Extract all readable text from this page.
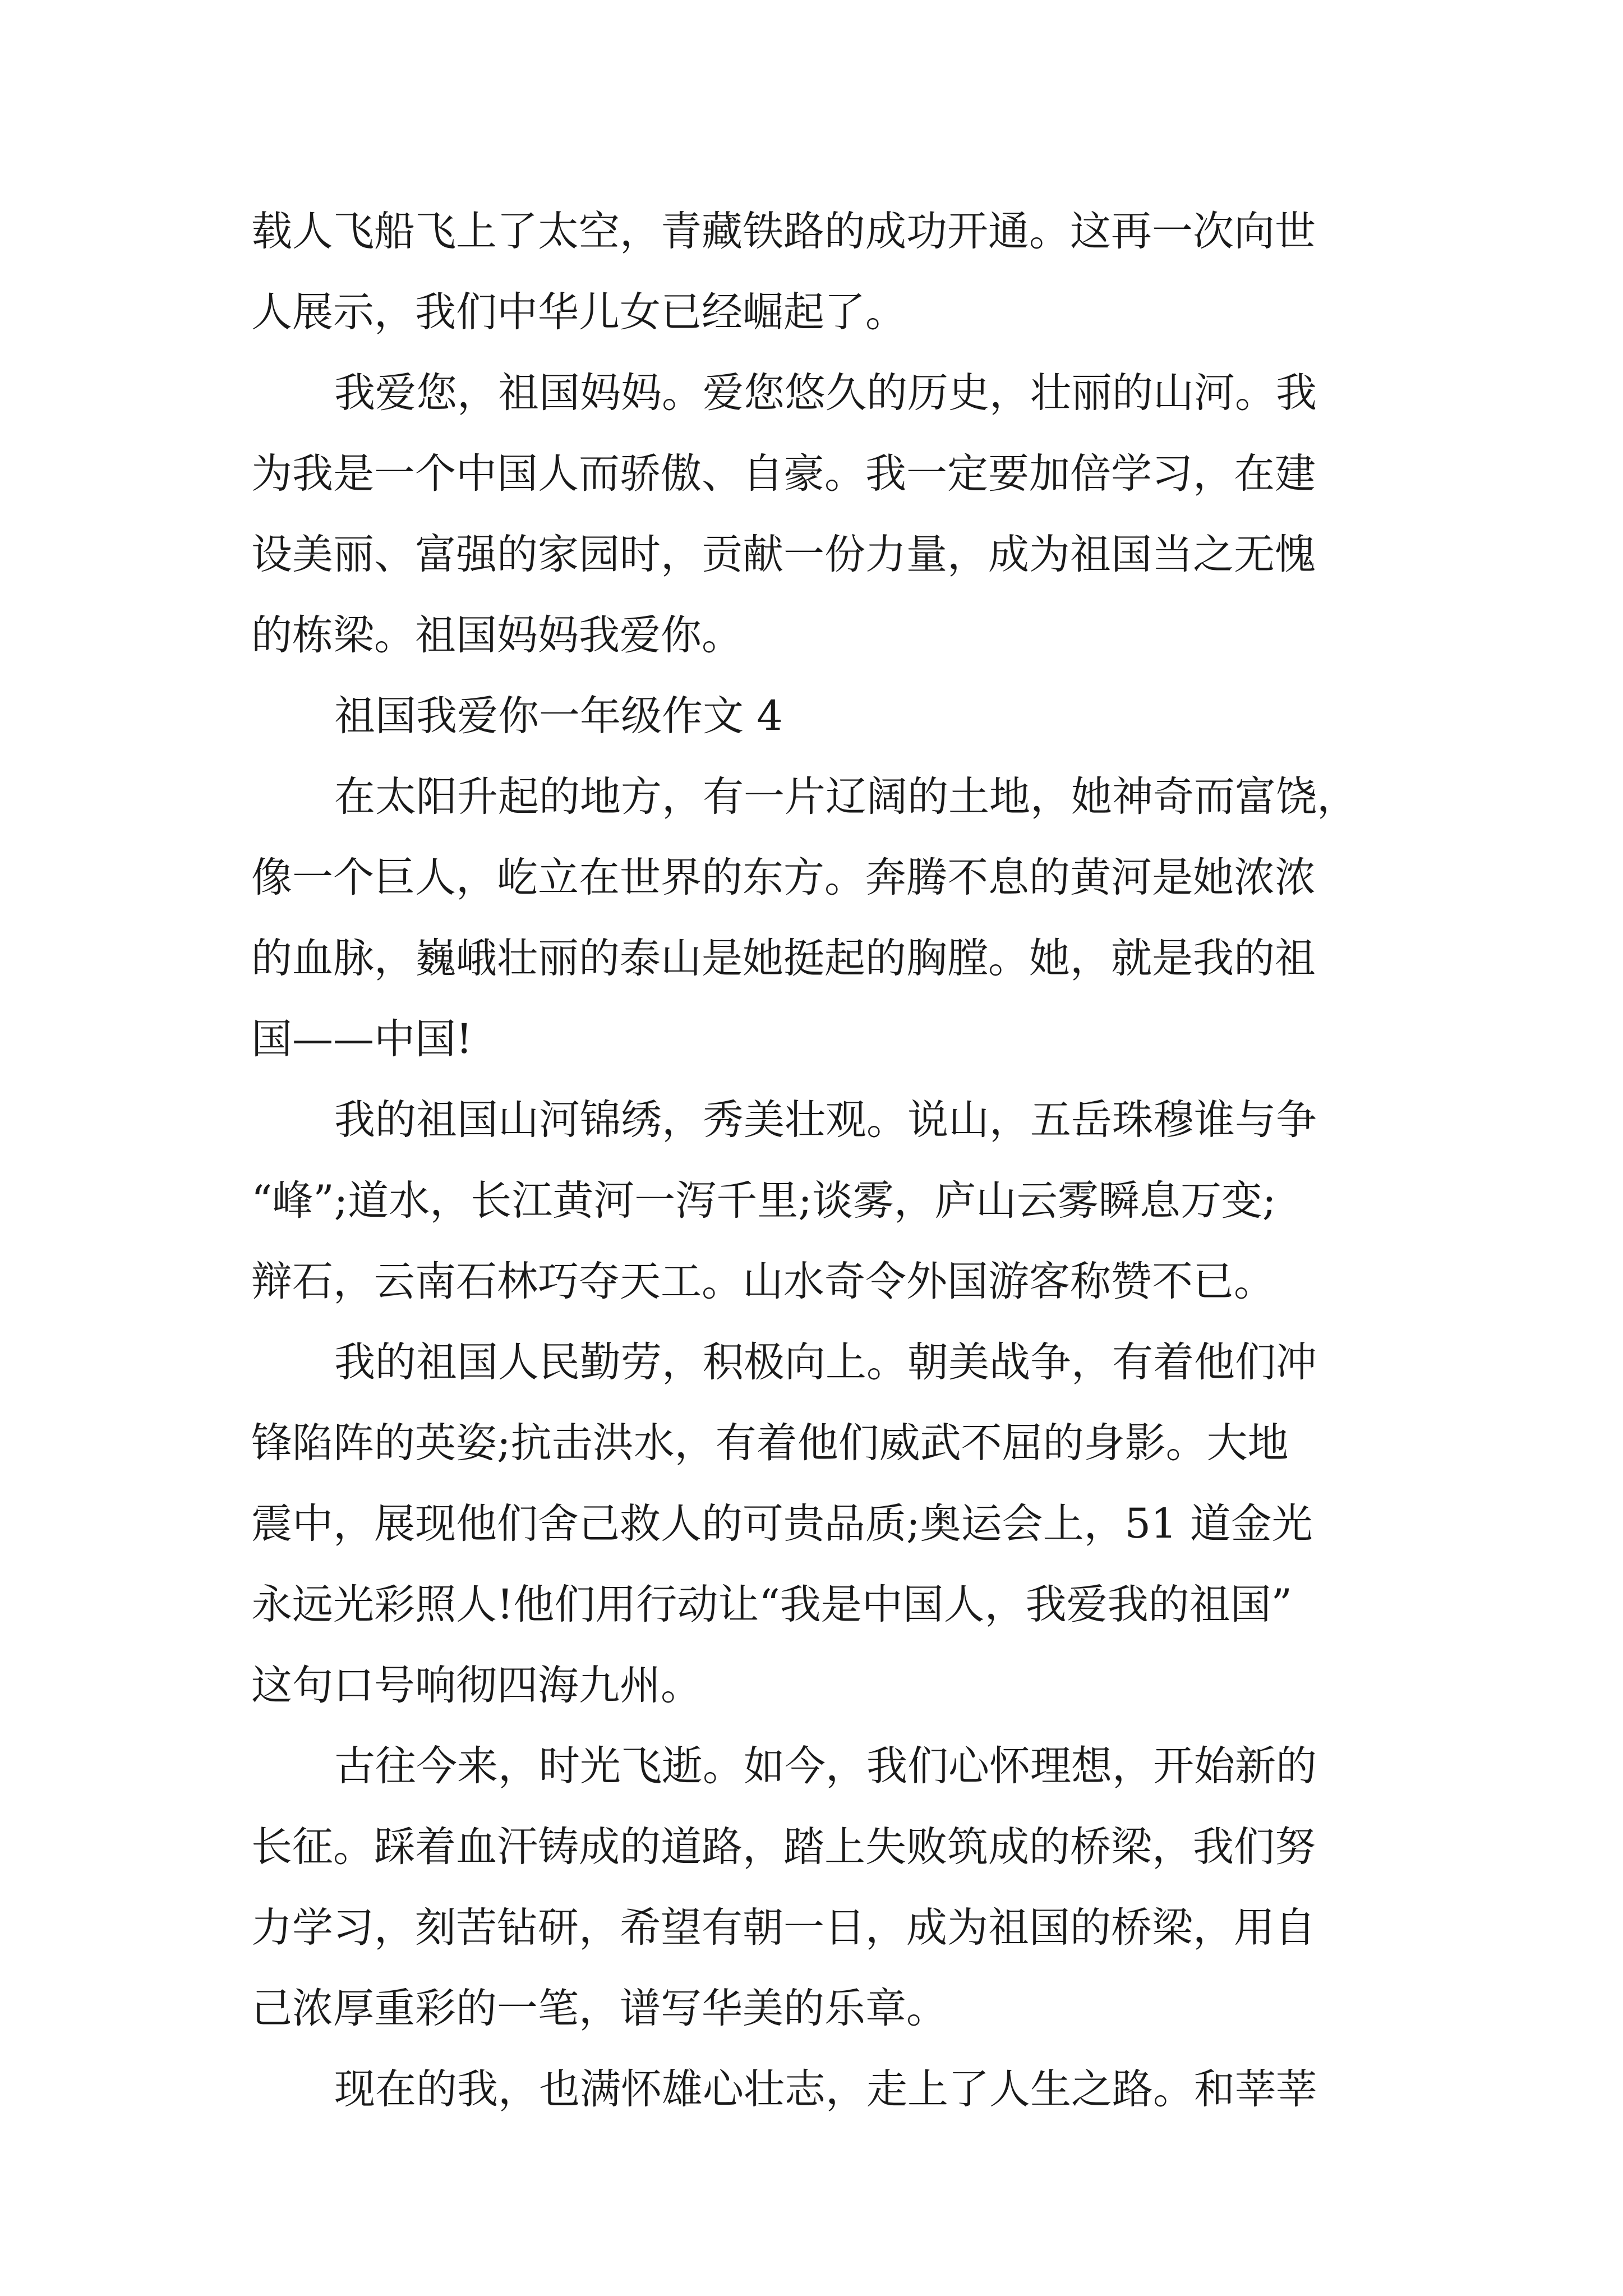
载人飞船飞上了太空，青藏铁路的成功开通。这再一次向世
人展示，我们中华儿女已经崛起了。
我爱您，祖国妈妈。爱您悠久的历史，壮丽的山河。我
为我是一个中国人而骄傲、自豪。我一定要加倍学习，在建
设美丽、富强的家园时，贡献一份力量，成为祖国当之无愧
的栋梁。祖国妈妈我爱你。
祖国我爱你一年级作文 4
在太阳升起的地方，有一片辽阔的土地，她神奇而富饶，
像一个巨人，屹立在世界的东方。奔腾不息的黄河是她浓浓
的血脉，巍峨壮丽的泰山是她挺起的胸膛。她，就是我的祖
国——中国!
我的祖国山河锦绣，秀美壮观。说山，五岳珠穆谁与争
“峰”;道水，长江黄河一泻千里;谈雾，庐山云雾瞬息万变;
辩石，云南石林巧夺天工。山水奇令外国游客称赞不已。
我的祖国人民勤劳，积极向上。朝美战争，有着他们冲
锋陷阵的英姿;抗击洪水，有着他们威武不屈的身影。大地
震中，展现他们舍己救人的可贵品质;奥运会上，51 道金光
永远光彩照人!他们用行动让“我是中国人，我爱我的祖国”
这句口号响彻四海九州。
古往今来，时光飞逝。如今，我们心怀理想，开始新的
长征。踩着血汗铸成的道路，踏上失败筑成的桥梁，我们努
力学习，刻苦钻研，希望有朝一日，成为祖国的桥梁，用自
己浓厚重彩的一笔，谱写华美的乐章。
现在的我，也满怀雄心壮志，走上了人生之路。和莘莘
